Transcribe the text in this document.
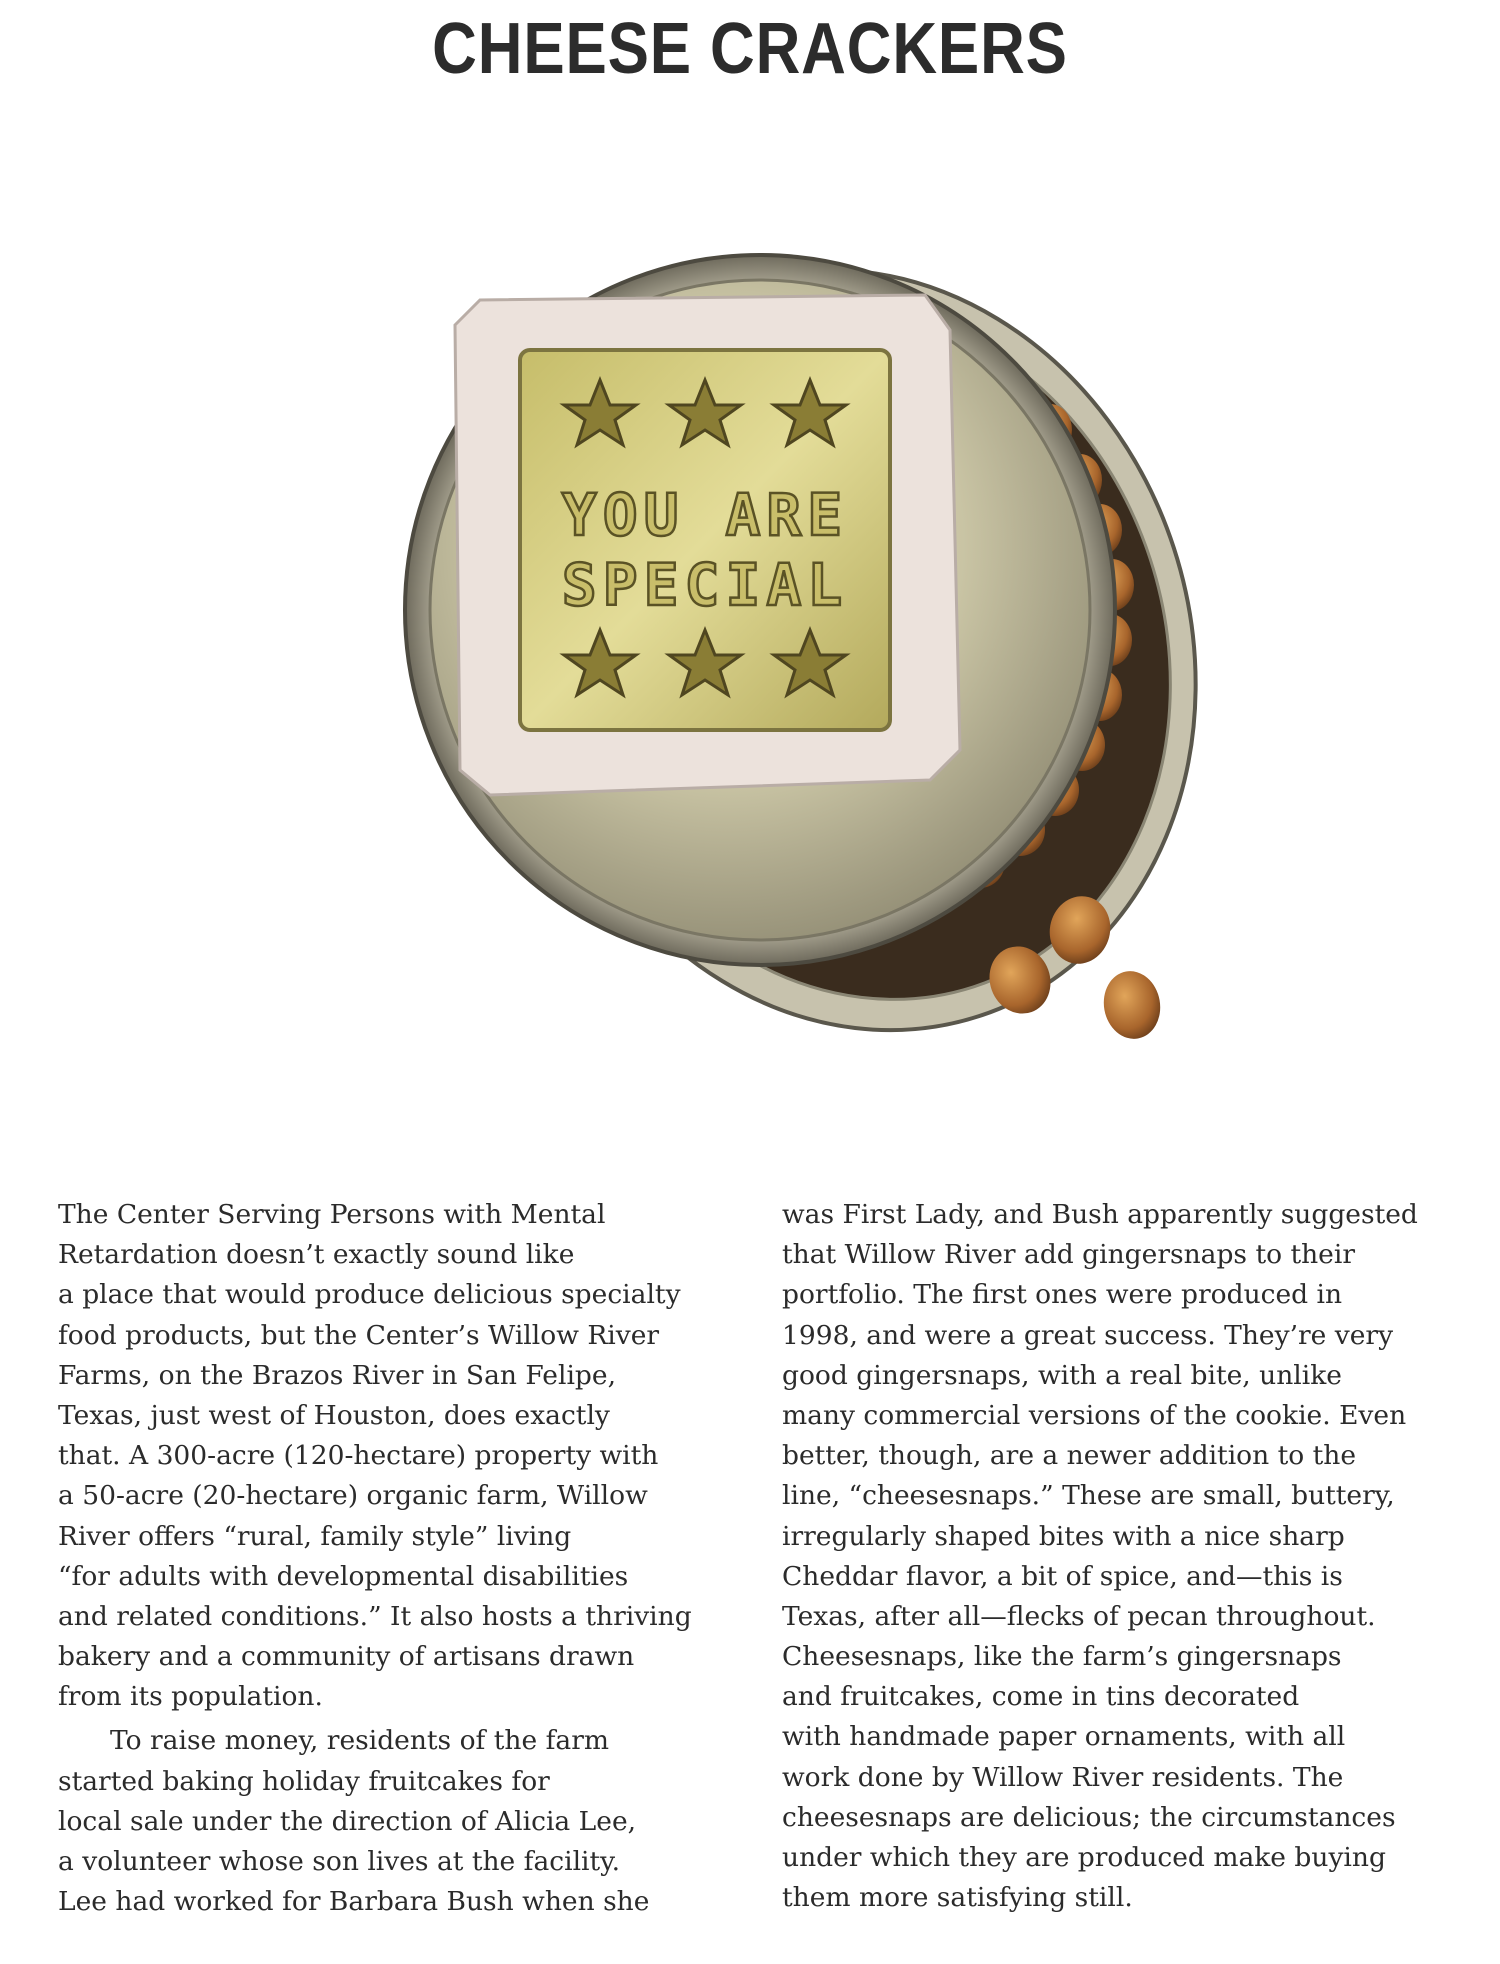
CHEESE CRACKERS
YOU ARE
SPECIAL
The Center Serving Persons with Mental
Retardation doesn’t exactly sound like
a place that would produce delicious specialty
food products, but the Center’s Willow River
Farms, on the Brazos River in San Felipe,
Texas, just west of Houston, does exactly
that. A 300-acre (120-hectare) property with
a 50-acre (20-hectare) organic farm, Willow
River offers “rural, family style” living
“for adults with developmental disabilities
and related conditions.” It also hosts a thriving
bakery and a community of artisans drawn
from its population.
To raise money, residents of the farm
started baking holiday fruitcakes for
local sale under the direction of Alicia Lee,
a volunteer whose son lives at the facility.
Lee had worked for Barbara Bush when she
was First Lady, and Bush apparently suggested
that Willow River add gingersnaps to their
portfolio. The first ones were produced in
1998, and were a great success. They’re very
good gingersnaps, with a real bite, unlike
many commercial versions of the cookie. Even
better, though, are a newer addition to the
line, “cheesesnaps.” These are small, buttery,
irregularly shaped bites with a nice sharp
Cheddar flavor, a bit of spice, and—this is
Texas, after all—flecks of pecan throughout.
Cheesesnaps, like the farm’s gingersnaps
and fruitcakes, come in tins decorated
with handmade paper ornaments, with all
work done by Willow River residents. The
cheesesnaps are delicious; the circumstances
under which they are produced make buying
them more satisfying still.
